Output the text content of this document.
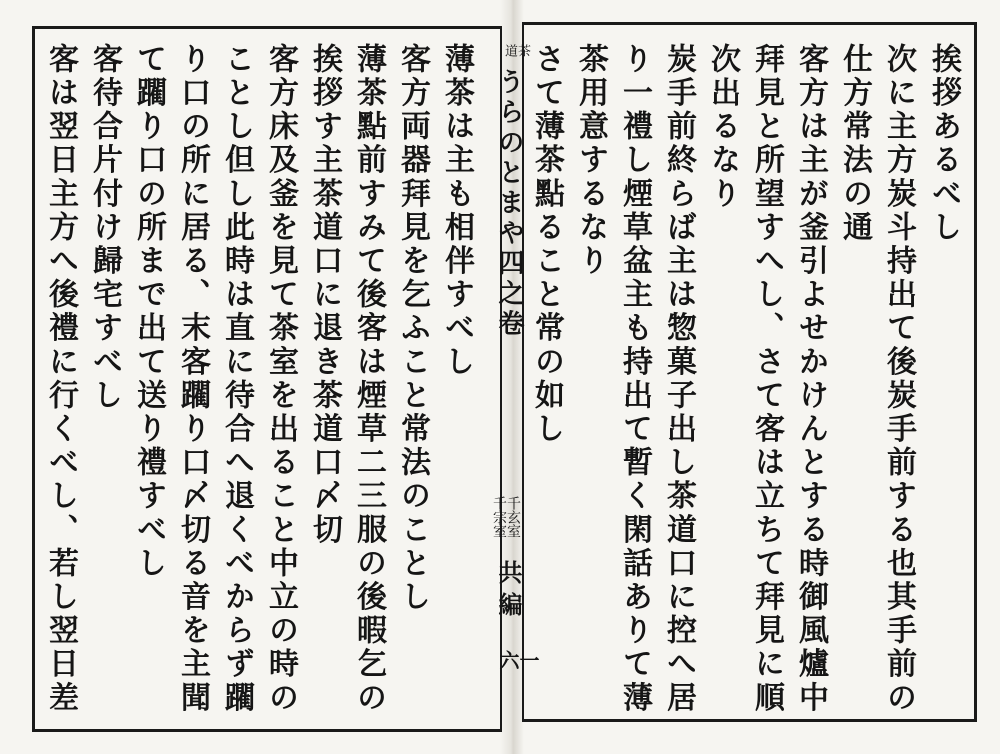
挨拶あるべし
次に主方炭斗持出て後炭手前する也其手前の
仕方常法の通
客方は主が釜引よせかけんとする時御風爐中
拜見と所望すへし、さて客は立ちて拜見に順
次出るなり
炭手前終らば主は惣菓子出し茶道口に控へ居
り一禮し煙草盆主も持出て暫く閑話ありて薄
茶用意するなり
さて薄茶點ること常の如し
茶
道
うらのとまや四之卷
千玄室
千宗室
共編
一六
薄茶は主も相伴すべし
客方両器拜見を乞ふこと常法のことし
薄茶點前すみて後客は煙草二三服の後暇乞の
挨拶す主茶道口に退き茶道口〆切
客方床及釜を見て茶室を出ること中立の時の
ことし但し此時は直に待合へ退くべからず躙
り口の所に居る、末客躙り口〆切る音を主聞
て躙り口の所まで出て送り禮すべし
客待合片付け歸宅すべし
客は翌日主方へ後禮に行くべし、若し翌日差
